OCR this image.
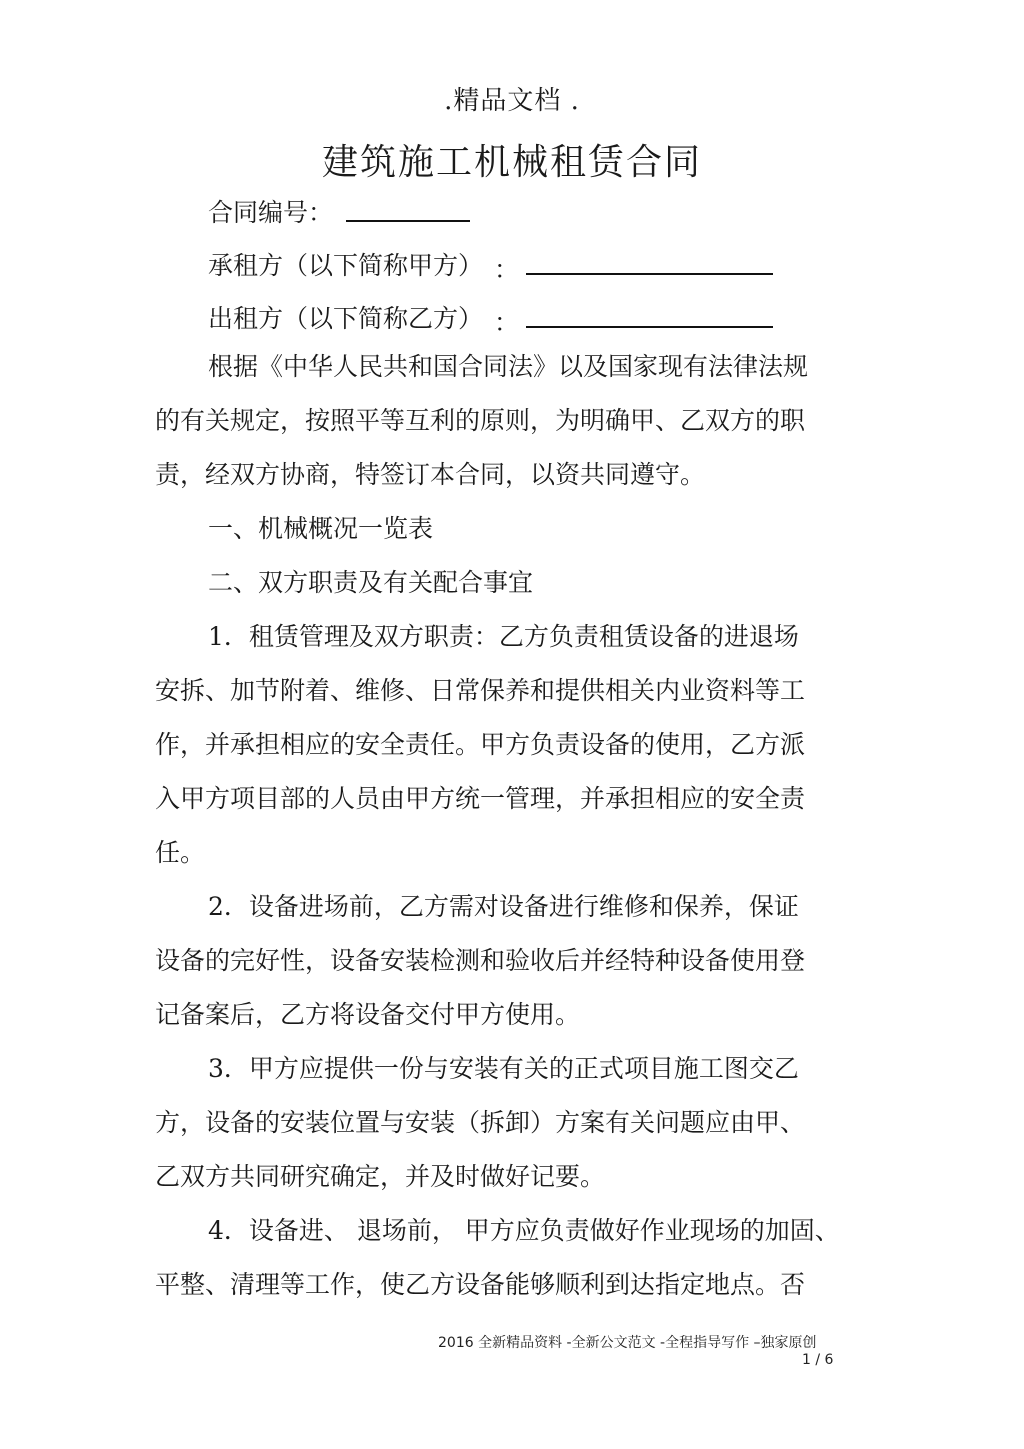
.精品文档 .
建筑施工机械租赁合同
合同编号：
承租方（以下简称甲方） ：
出租方（以下简称乙方） ：
根据《中华人民共和国合同法》以及国家现有法律法规
的有关规定，按照平等互利的原则，为明确甲、乙双方的职
责，经双方协商，特签订本合同，以资共同遵守。
一、机械概况一览表
二、双方职责及有关配合事宜
1．租赁管理及双方职责：乙方负责租赁设备的进退场
安拆、加节附着、维修、日常保养和提供相关内业资料等工
作，并承担相应的安全责任。甲方负责设备的使用，乙方派
入甲方项目部的人员由甲方统一管理，并承担相应的安全责
任。
2．设备进场前，乙方需对设备进行维修和保养，保证
设备的完好性，设备安装检测和验收后并经特种设备使用登
记备案后，乙方将设备交付甲方使用。
3．甲方应提供一份与安装有关的正式项目施工图交乙
方，设备的安装位置与安装（拆卸）方案有关问题应由甲、
乙双方共同研究确定，并及时做好记要。
4．设备进、 退场前， 甲方应负责做好作业现场的加固、
平整、清理等工作，使乙方设备能够顺利到达指定地点。否
2016 全新精品资料 -全新公文范文 -全程指导写作 –独家原创
1 / 6
